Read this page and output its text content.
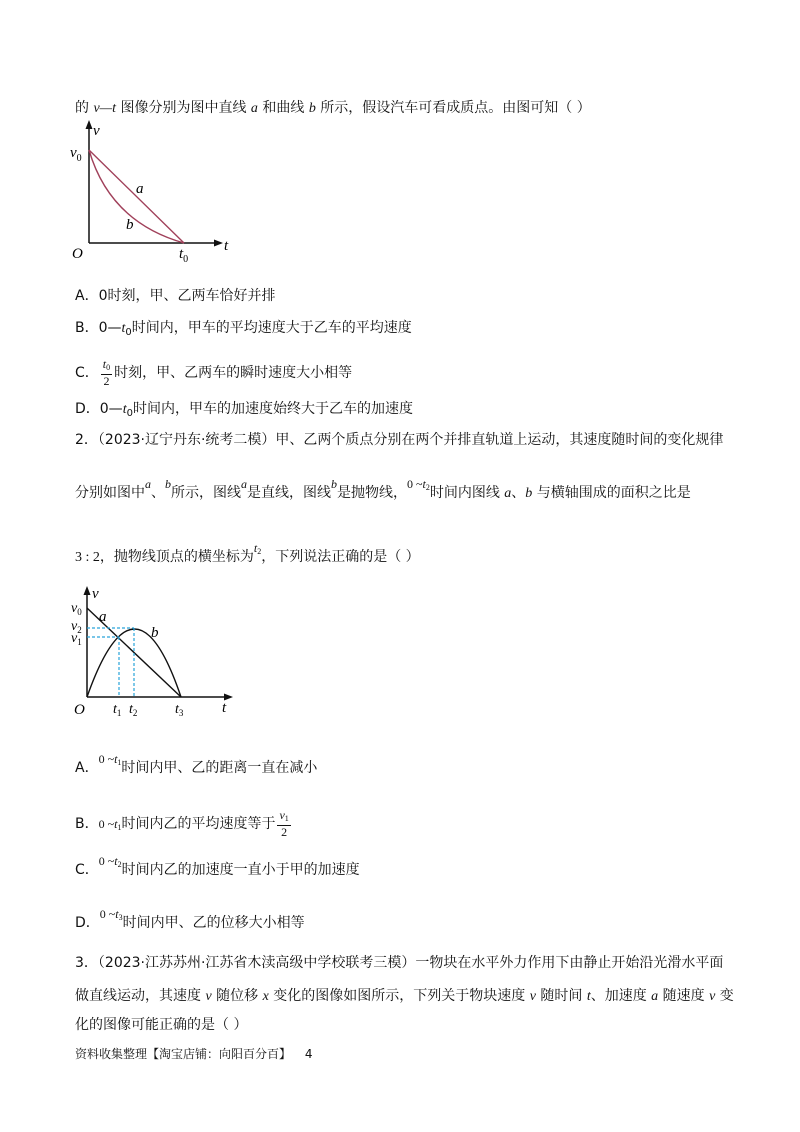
的 v—t 图像分别为图中直线 a 和曲线 b 所示，假设汽车可看成质点。由图可知（ ）
v
$v_0$
a
b
O	t
$t_0$
A．0时刻，甲、乙两车恰好并排
B．$0—t_0$时间内，甲车的平均速度大于乙车的平均速度
C． $\frac{t0}{2}$ 时刻，甲、乙两车的瞬时速度大小相等
D．$0—t_0$时间内，甲车的加速度始终大于乙车的加速度
2．（2023·辽宁丹东·统考二模）甲、乙两个质点分别在两个并排直轨道上运动，其速度随时间的变化规律
分别如图中a、b所示，图线a是直线，图线b是抛物线，0 ~t2时间内图线 a、b 与横轴围成的面积之比是
3 : 2，抛物线顶点的横坐标为t2，下列说法正确的是（ ）
v
$v_0$
$v_2$
$v_1$
a
b
O	t
$t_1$ $t_2$	$t_3$
A．0 ~t1时间内甲、乙的距离一直在减小
B．0 ~t1时间内乙的平均速度等于 $\frac{v1}{2}$
C．0 ~t2时间内乙的加速度一直小于甲的加速度
D．0 ~t3时间内甲、乙的位移大小相等
3．（2023·江苏苏州·江苏省木渎高级中学校联考三模）一物块在水平外力作用下由静止开始沿光滑水平面
做直线运动，其速度 v 随位移 x 变化的图像如图所示，下列关于物块速度 v 随时间 t、加速度 a 随速度 v 变
化的图像可能正确的是（ ）
资料收集整理【淘宝店铺：向阳百分百】 4
